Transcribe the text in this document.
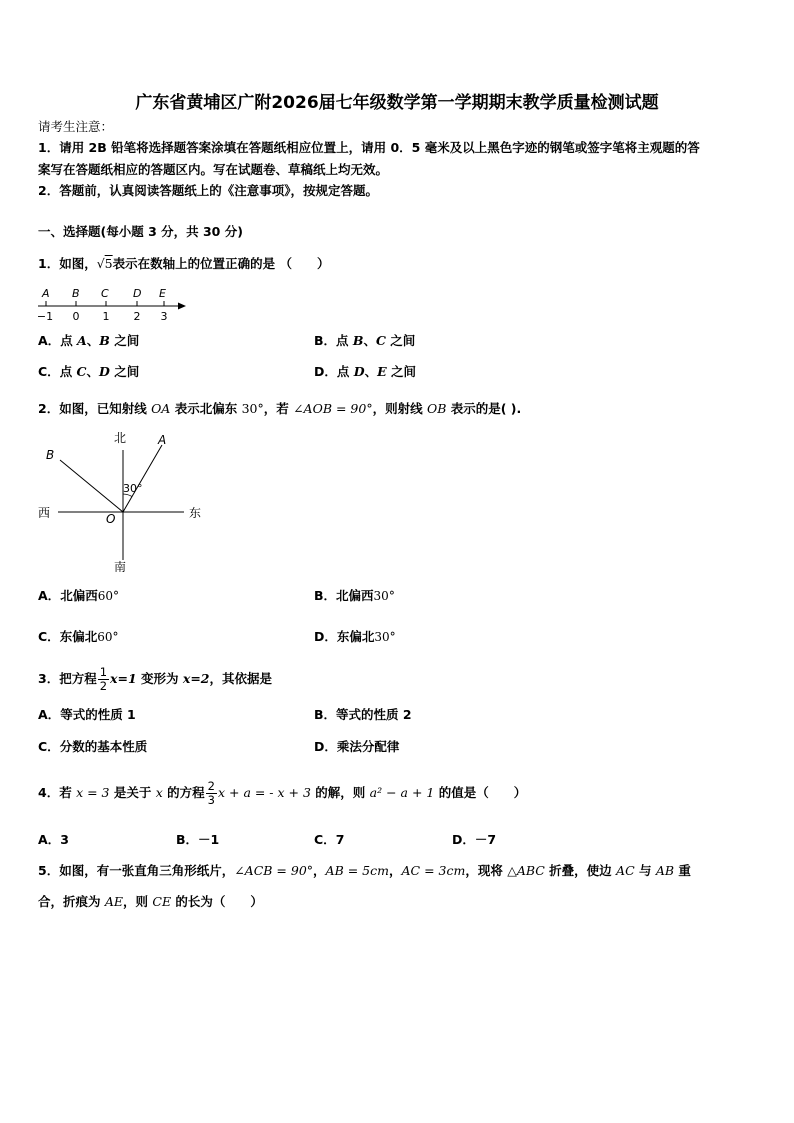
广东省黄埔区广附2026届七年级数学第一学期期末教学质量检测试题
请考生注意：
1．请用 2B 铅笔将选择题答案涂填在答题纸相应位置上，请用 0．5 毫米及以上黑色字迹的钢笔或签字笔将主观题的答
案写在答题纸相应的答题区内。写在试题卷、草稿纸上均无效。
2．答题前，认真阅读答题纸上的《注意事项》，按规定答题。
一、选择题(每小题 3 分，共 30 分)
1．如图，√5表示在数轴上的位置正确的是 （　　）
A B C D E
−1 0 1 2 3
A．点 A、B 之间	B．点 B、C 之间
C．点 C、D 之间	D．点 D、E 之间
2．如图，已知射线 OA 表示北偏东 30°，若 ∠AOB = 90°，则射线 OB 表示的是( ).
北
南
西	东
A
B
O
30°
A．北偏西60°	B．北偏西30°
C．东偏北60°	D．东偏北30°
3．把方程 $\frac{1}{2} x=1$ 变形为 x=2，其依据是
A．等式的性质 1	B．等式的性质 2
C．分数的基本性质	D．乘法分配律
4．若 x = 3 是关于 x 的方程 $\frac{2}{3}$ x + a = - x + 3 的解，则 a² − a + 1 的值是（　　）
A．3	B．－1	C．7	D．－7
5．如图，有一张直角三角形纸片，∠ACB = 90°，AB = 5cm，AC = 3cm，现将 △ABC 折叠，使边 AC 与 AB 重
合，折痕为 AE，则 CE 的长为（　　）
